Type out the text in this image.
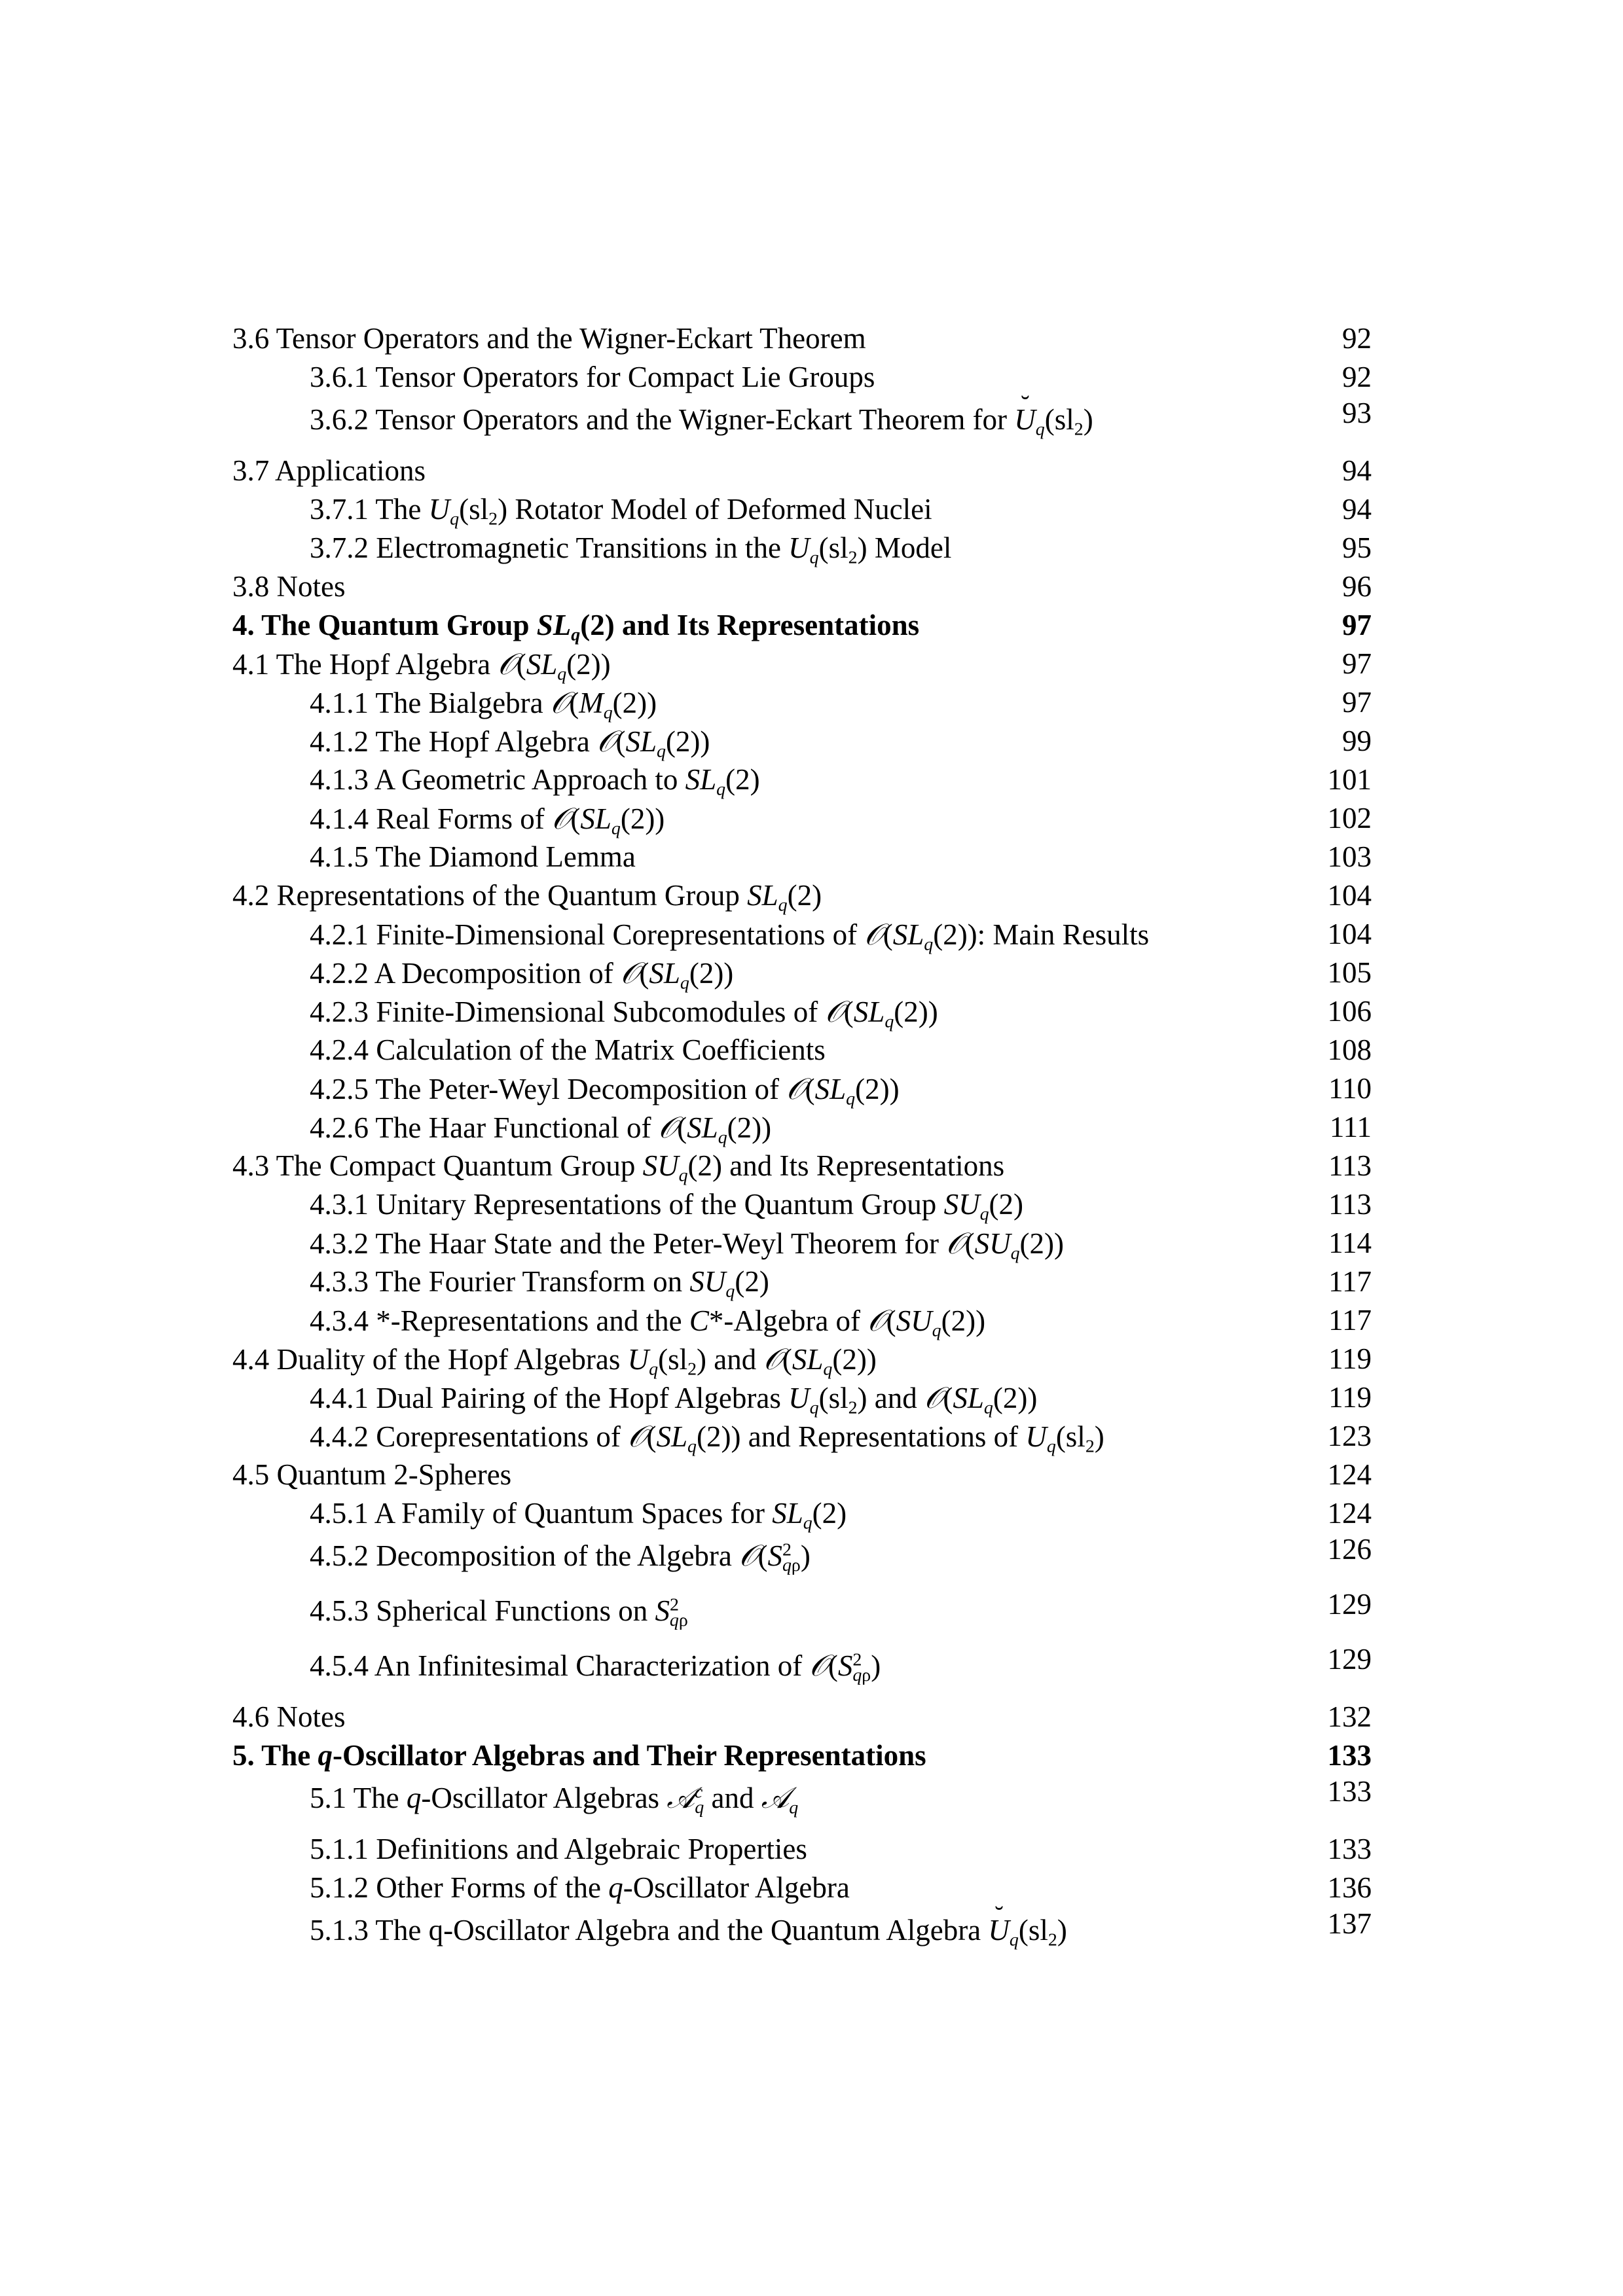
3.6 Tensor Operators and the Wigner-Eckart Theorem	92
3.6.1 Tensor Operators for Compact Lie Groups	92
3.6.2 Tensor Operators and the Wigner-Eckart Theorem for ˘ $U_q(sl_2)$	93
3.7 Applications	94
3.7.1 The $U_q(sl_2)$ Rotator Model of Deformed Nuclei	94
3.7.2 Electromagnetic Transitions in the $U_q(sl_2)$ Model	95
3.8 Notes	96
4. The Quantum Group $SL_q(2)$ and Its Representations	97
4.1 The Hopf Algebra $𝒪(SL_q(2))$	97
4.1.1 The Bialgebra $𝒪(M_q(2))$	97
4.1.2 The Hopf Algebra $𝒪(SL_q(2))$	99
4.1.3 A Geometric Approach to $SL_q(2)$	101
4.1.4 Real Forms of $𝒪(SL_q(2))$	102
4.1.5 The Diamond Lemma	103
4.2 Representations of the Quantum Group $SL_q(2)$	104
4.2.1 Finite-Dimensional Corepresentations of $𝒪(SL_q(2))$: Main Results	104
4.2.2 A Decomposition of $𝒪(SL_q(2))$	105
4.2.3 Finite-Dimensional Subcomodules of $𝒪(SL_q(2))$	106
4.2.4 Calculation of the Matrix Coefficients	108
4.2.5 The Peter-Weyl Decomposition of $𝒪(SL_q(2))$	110
4.2.6 The Haar Functional of $𝒪(SL_q(2))$	111
4.3 The Compact Quantum Group $SU_q(2)$ and Its Representations	113
4.3.1 Unitary Representations of the Quantum Group $SU_q(2)$	113
4.3.2 The Haar State and the Peter-Weyl Theorem for $𝒪(SU_q(2))$	114
4.3.3 The Fourier Transform on $SU_q(2)$	117
4.3.4 *-Representations and the C*-Algebra of $𝒪(SU_q(2))$	117
4.4 Duality of the Hopf Algebras $U_q(sl_2)$ and $𝒪(SL_q(2))$	119
4.4.1 Dual Pairing of the Hopf Algebras $U_q(sl_2)$ and $𝒪(SL_q(2))$	119
4.4.2 Corepresentations of $𝒪(SL_q(2))$ and Representations of $U_q(sl_2)$	123
4.5 Quantum 2-Spheres	124
4.5.1 A Family of Quantum Spaces for $SL_q(2)$	124
4.5.2 Decomposition of the Algebra $𝒪(S^2_{q\rho})$	126
4.5.3 Spherical Functions on $S^2_{q\rho}$	129
4.5.4 An Infinitesimal Characterization of $𝒪(S^2_{q\rho})$	129
4.6 Notes	132
5. The q-Oscillator Algebras and Their Representations	133
5.1 The q-Oscillator Algebras 𝒜$^c_q$ and 𝒜$_q$	133
5.1.1 Definitions and Algebraic Properties	133
5.1.2 Other Forms of the q-Oscillator Algebra	136
5.1.3 The q-Oscillator Algebra and the Quantum Algebra ˘ $U_q(sl_2)$	137
